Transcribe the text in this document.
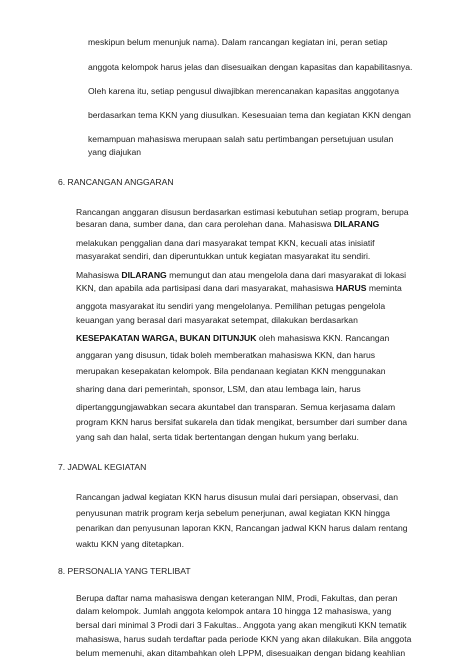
meskipun belum menunjuk nama). Dalam rancangan kegiatan ini, peran setiap
anggota kelompok harus jelas dan disesuaikan dengan kapasitas dan kapabilitasnya.
Oleh karena itu, setiap pengusul diwajibkan merencanakan kapasitas anggotanya
berdasarkan tema KKN yang diusulkan. Kesesuaian tema dan kegiatan KKN dengan
kemampuan mahasiswa merupaan salah satu pertimbangan persetujuan usulan
yang diajukan
6. RANCANGAN ANGGARAN
Rancangan anggaran disusun berdasarkan estimasi kebutuhan setiap program, berupa
besaran dana, sumber dana, dan cara perolehan dana. Mahasiswa DILARANG
melakukan penggalian dana dari masyarakat tempat KKN, kecuali atas inisiatif
masyarakat sendiri, dan diperuntukkan untuk kegiatan masyarakat itu sendiri.
Mahasiswa DILARANG memungut dan atau mengelola dana dari masyarakat di lokasi
KKN, dan apabila ada partisipasi dana dari masyarakat, mahasiswa HARUS meminta
anggota masyarakat itu sendiri yang mengelolanya. Pemilihan petugas pengelola
keuangan yang berasal dari masyarakat setempat, dilakukan berdasarkan
KESEPAKATAN WARGA, BUKAN DITUNJUK oleh mahasiswa KKN. Rancangan
anggaran yang disusun, tidak boleh memberatkan mahasiswa KKN, dan harus
merupakan kesepakatan kelompok. Bila pendanaan kegiatan KKN menggunakan
sharing dana dari pemerintah, sponsor, LSM, dan atau lembaga lain, harus
dipertanggungjawabkan secara akuntabel dan transparan. Semua kerjasama dalam
program KKN harus bersifat sukarela dan tidak mengikat, bersumber dari sumber dana
yang sah dan halal, serta tidak bertentangan dengan hukum yang berlaku.
7. JADWAL KEGIATAN
Rancangan jadwal kegiatan KKN harus disusun mulai dari persiapan, observasi, dan
penyusunan matrik program kerja sebelum penerjunan, awal kegiatan KKN hingga
penarikan dan penyusunan laporan KKN, Rancangan jadwal KKN harus dalam rentang
waktu KKN yang ditetapkan.
8. PERSONALIA YANG TERLIBAT
Berupa daftar nama mahasiswa dengan keterangan NIM, Prodi, Fakultas, dan peran
dalam kelompok. Jumlah anggota kelompok antara 10 hingga 12 mahasiswa, yang
bersal dari minimal 3 Prodi dari 3 Fakultas.. Anggota yang akan mengikuti KKN tematik
mahasiswa, harus sudah terdaftar pada periode KKN yang akan dilakukan. Bila anggota
belum memenuhi, akan ditambahkan oleh LPPM, disesuaikan dengan bidang keahlian
